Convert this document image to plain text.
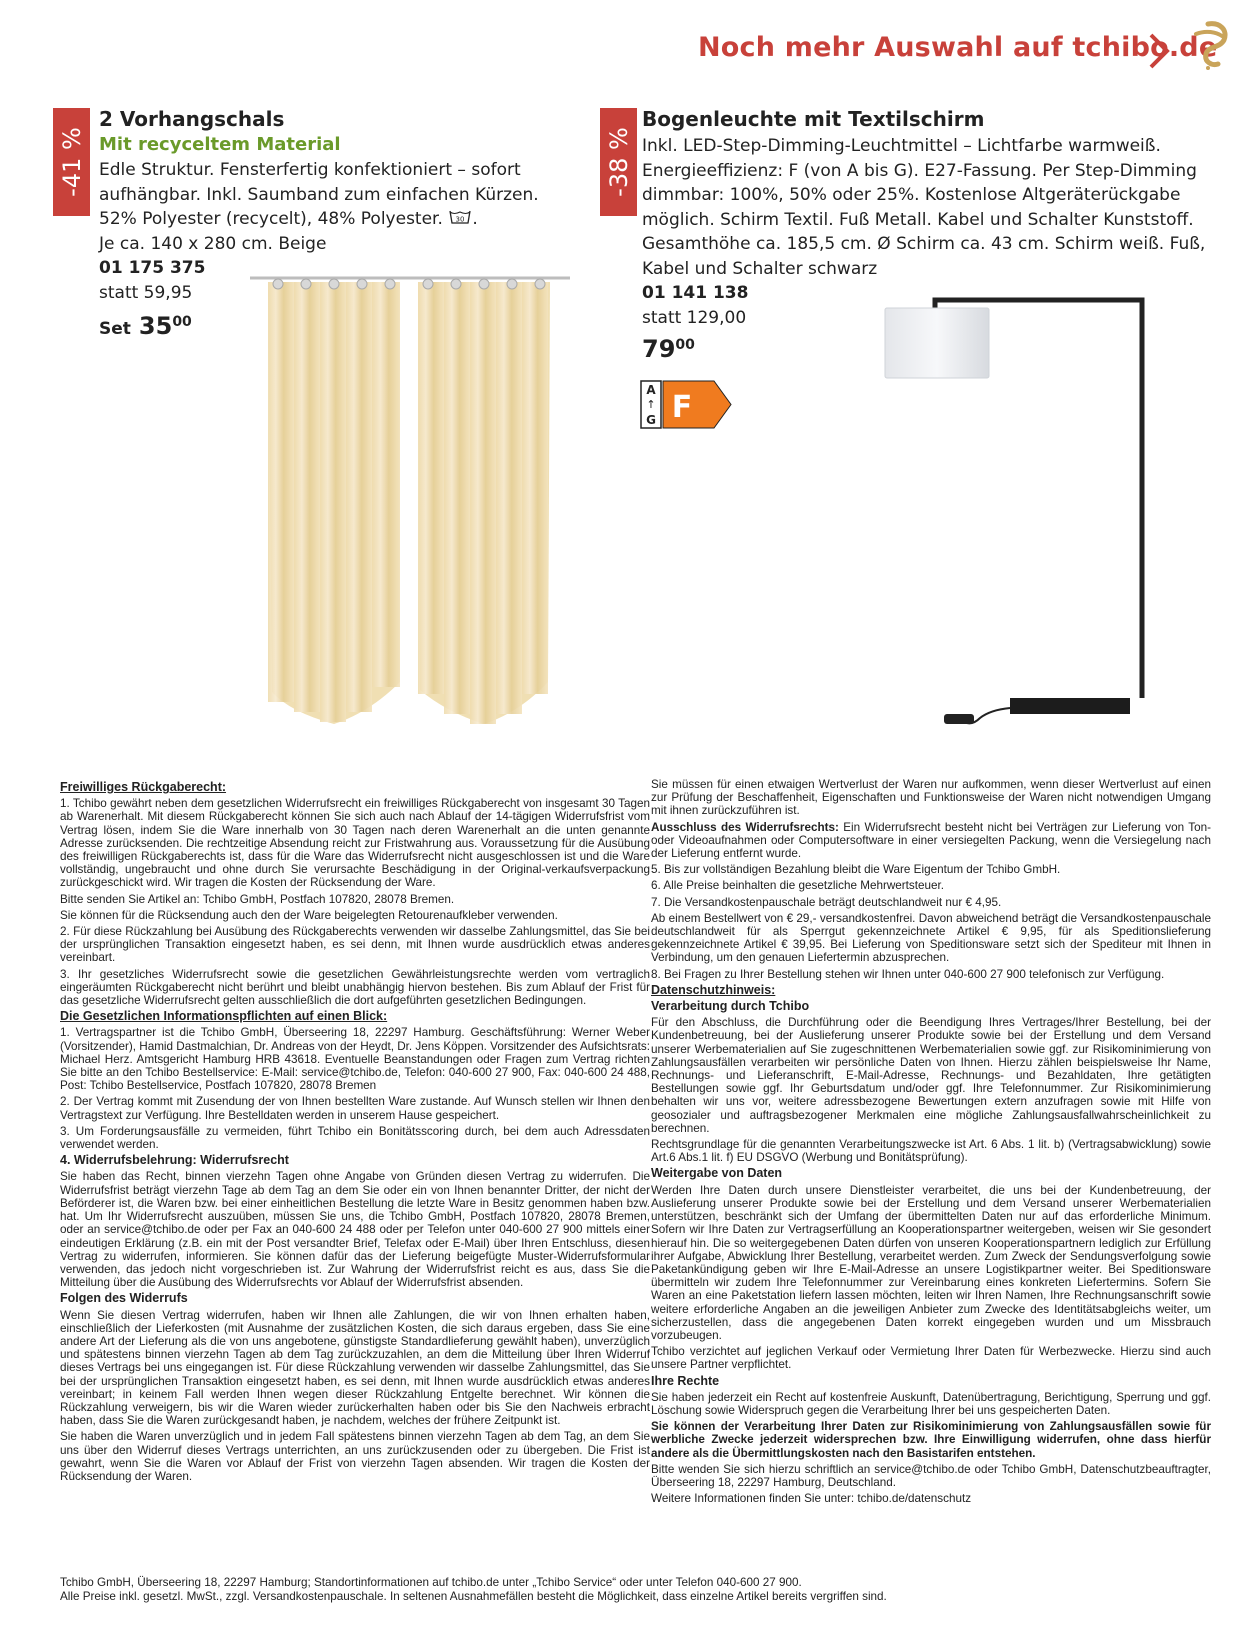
Noch mehr Auswahl auf tchibo.de
-41 %
2 Vorhangschals
Mit recyceltem Material
Edle Struktur. Fensterfertig konfektioniert – sofort
aufhängbar. Inkl. Saumband zum einfachen Kürzen.
52% Polyester (recycelt), 48% Polyester. 30 .
Je ca. 140 x 280 cm. Beige
01 175 375
statt 59,95
Set 3500
-38 %
Bogenleuchte mit Textilschirm
Inkl. LED-Step-Dimming-Leuchtmittel – Lichtfarbe warmweiß.
Energieeffizienz: F (von A bis G). E27-Fassung. Per Step-Dimming
dimmbar: 100%, 50% oder 25%. Kostenlose Altgeräterückgabe
möglich. Schirm Textil. Fuß Metall. Kabel und Schalter Kunststoff.
Gesamthöhe ca. 185,5 cm. Ø Schirm ca. 43 cm. Schirm weiß. Fuß,
Kabel und Schalter schwarz
01 141 138
statt 129,00
7900
A
↑
G F
Freiwilliges Rückgaberecht:

1. Tchibo gewährt neben dem gesetzlichen Widerrufsrecht ein freiwilliges Rückgaberecht von insgesamt 30 Tagen ab Warenerhalt. Mit diesem Rückgaberecht können Sie sich auch nach Ablauf der 14-tägigen Widerrufsfrist vom Vertrag lösen, indem Sie die Ware innerhalb von 30 Tagen nach deren Warenerhalt an die unten genannte Adresse zurücksenden. Die rechtzeitige Absendung reicht zur Fristwahrung aus. Voraussetzung für die Ausübung des freiwilligen Rückgaberechts ist, dass für die Ware das Widerrufsrecht nicht ausgeschlossen ist und die Ware vollständig, ungebraucht und ohne durch Sie verursachte Beschädigung in der Original-verkaufsverpackung zurückgeschickt wird. Wir tragen die Kosten der Rücksendung der Ware.

Bitte senden Sie Artikel an: Tchibo GmbH, Postfach 107820, 28078 Bremen.

Sie können für die Rücksendung auch den der Ware beigelegten Retourenaufkleber verwenden.

2. Für diese Rückzahlung bei Ausübung des Rückgaberechts verwenden wir dasselbe Zahlungsmittel, das Sie bei der ursprünglichen Transaktion eingesetzt haben, es sei denn, mit Ihnen wurde ausdrücklich etwas anderes vereinbart.

3. Ihr gesetzliches Widerrufsrecht sowie die gesetzlichen Gewährleistungsrechte werden vom vertraglich eingeräumten Rückgaberecht nicht berührt und bleibt unabhängig hiervon bestehen. Bis zum Ablauf der Frist für das gesetzliche Widerrufsrecht gelten ausschließlich die dort aufgeführten gesetzlichen Bedingungen.

Die Gesetzlichen Informationspflichten auf einen Blick:

1. Vertragspartner ist die Tchibo GmbH, Überseering 18, 22297 Hamburg. Geschäftsführung: Werner Weber (Vorsitzender), Hamid Dastmalchian, Dr. Andreas von der Heydt, Dr. Jens Köppen. Vorsitzender des Aufsichtsrats: Michael Herz. Amtsgericht Hamburg HRB 43618. Eventuelle Beanstandungen oder Fragen zum Vertrag richten Sie bitte an den Tchibo Bestellservice: E-Mail: service@tchibo.de, Telefon: 040-600 27 900, Fax: 040-600 24 488, Post: Tchibo Bestellservice, Postfach 107820, 28078 Bremen

2. Der Vertrag kommt mit Zusendung der von Ihnen bestellten Ware zustande. Auf Wunsch stellen wir Ihnen den Vertragstext zur Verfügung. Ihre Bestelldaten werden in unserem Hause gespeichert.

3. Um Forderungsausfälle zu vermeiden, führt Tchibo ein Bonitätsscoring durch, bei dem auch Adressdaten verwendet werden.

4. Widerrufsbelehrung: Widerrufsrecht

Sie haben das Recht, binnen vierzehn Tagen ohne Angabe von Gründen diesen Vertrag zu widerrufen. Die Widerrufsfrist beträgt vierzehn Tage ab dem Tag an dem Sie oder ein von Ihnen benannter Dritter, der nicht der Beförderer ist, die Waren bzw. bei einer einheitlichen Bestellung die letzte Ware in Besitz genommen haben bzw. hat. Um Ihr Widerrufsrecht auszuüben, müssen Sie uns, die Tchibo GmbH, Postfach 107820, 28078 Bremen, oder an service@tchibo.de oder per Fax an 040-600 24 488 oder per Telefon unter 040-600 27 900 mittels einer eindeutigen Erklärung (z.B. ein mit der Post versandter Brief, Telefax oder E-Mail) über Ihren Entschluss, diesen Vertrag zu widerrufen, informieren. Sie können dafür das der Lieferung beigefügte Muster-Widerrufsformular verwenden, das jedoch nicht vorgeschrieben ist. Zur Wahrung der Widerrufsfrist reicht es aus, dass Sie die Mitteilung über die Ausübung des Widerrufsrechts vor Ablauf der Widerrufsfrist absenden.

Folgen des Widerrufs

Wenn Sie diesen Vertrag widerrufen, haben wir Ihnen alle Zahlungen, die wir von Ihnen erhalten haben, einschließlich der Lieferkosten (mit Ausnahme der zusätzlichen Kosten, die sich daraus ergeben, dass Sie eine andere Art der Lieferung als die von uns angebotene, günstigste Standardlieferung gewählt haben), unverzüglich und spätestens binnen vierzehn Tagen ab dem Tag zurückzuzahlen, an dem die Mitteilung über Ihren Widerruf dieses Vertrags bei uns eingegangen ist. Für diese Rückzahlung verwenden wir dasselbe Zahlungsmittel, das Sie bei der ursprünglichen Transaktion eingesetzt haben, es sei denn, mit Ihnen wurde ausdrücklich etwas anderes vereinbart; in keinem Fall werden Ihnen wegen dieser Rückzahlung Entgelte berechnet. Wir können die Rückzahlung verweigern, bis wir die Waren wieder zurückerhalten haben oder bis Sie den Nachweis erbracht haben, dass Sie die Waren zurückgesandt haben, je nachdem, welches der frühere Zeitpunkt ist.

Sie haben die Waren unverzüglich und in jedem Fall spätestens binnen vierzehn Tagen ab dem Tag, an dem Sie uns über den Widerruf dieses Vertrags unterrichten, an uns zurückzusenden oder zu übergeben. Die Frist ist gewahrt, wenn Sie die Waren vor Ablauf der Frist von vierzehn Tagen absenden. Wir tragen die Kosten der Rücksendung der Waren.

Sie müssen für einen etwaigen Wertverlust der Waren nur aufkommen, wenn dieser Wertverlust auf einen zur Prüfung der Beschaffenheit, Eigenschaften und Funktionsweise der Waren nicht notwendigen Umgang mit ihnen zurückzuführen ist.

Ausschluss des Widerrufsrechts: Ein Widerrufsrecht besteht nicht bei Verträgen zur Lieferung von Ton- oder Videoaufnahmen oder Computersoftware in einer versiegelten Packung, wenn die Versiegelung nach der Lieferung entfernt wurde.

5. Bis zur vollständigen Bezahlung bleibt die Ware Eigentum der Tchibo GmbH.

6. Alle Preise beinhalten die gesetzliche Mehrwertsteuer.

7. Die Versandkostenpauschale beträgt deutschlandweit nur € 4,95.

Ab einem Bestellwert von € 29,- versandkostenfrei. Davon abweichend beträgt die Versandkostenpauschale deutschlandweit für als Sperrgut gekennzeichnete Artikel € 9,95, für als Speditionslieferung gekennzeichnete Artikel € 39,95. Bei Lieferung von Speditionsware setzt sich der Spediteur mit Ihnen in Verbindung, um den genauen Liefertermin abzusprechen.

8. Bei Fragen zu Ihrer Bestellung stehen wir Ihnen unter 040-600 27 900 telefonisch zur Verfügung.

Datenschutzhinweis:
Verarbeitung durch Tchibo

Für den Abschluss, die Durchführung oder die Beendigung Ihres Vertrages/Ihrer Bestellung, bei der Kundenbetreuung, bei der Auslieferung unserer Produkte sowie bei der Erstellung und dem Versand unserer Werbematerialien auf Sie zugeschnittenen Werbematerialien sowie ggf. zur Risikominimierung von Zahlungsausfällen verarbeiten wir persönliche Daten von Ihnen. Hierzu zählen beispielsweise Ihr Name, Rechnungs- und Lieferanschrift, E-Mail-Adresse, Rechnungs- und Bezahldaten, Ihre getätigten Bestellungen sowie ggf. Ihr Geburtsdatum und/oder ggf. Ihre Telefonnummer. Zur Risikominimierung behalten wir uns vor, weitere adressbezogene Bewertungen extern anzufragen sowie mit Hilfe von geosozialer und auftragsbezogener Merkmalen eine mögliche Zahlungsausfallwahrscheinlichkeit zu berechnen.

Rechtsgrundlage für die genannten Verarbeitungszwecke ist Art. 6 Abs. 1 lit. b) (Vertragsabwicklung) sowie Art.6 Abs.1 lit. f) EU DSGVO (Werbung und Bonitätsprüfung).

Weitergabe von Daten

Werden Ihre Daten durch unsere Dienstleister verarbeitet, die uns bei der Kundenbetreuung, der Auslieferung unserer Produkte sowie bei der Erstellung und dem Versand unserer Werbematerialien unterstützen, beschränkt sich der Umfang der übermittelten Daten nur auf das erforderliche Minimum. Sofern wir Ihre Daten zur Vertragserfüllung an Kooperationspartner weitergeben, weisen wir Sie gesondert hierauf hin. Die so weitergegebenen Daten dürfen von unseren Kooperationspartnern lediglich zur Erfüllung ihrer Aufgabe, Abwicklung Ihrer Bestellung, verarbeitet werden. Zum Zweck der Sendungsverfolgung sowie Paketankündigung geben wir Ihre E-Mail-Adresse an unsere Logistikpartner weiter. Bei Speditionsware übermitteln wir zudem Ihre Telefonnummer zur Vereinbarung eines konkreten Liefertermins. Sofern Sie Waren an eine Paketstation liefern lassen möchten, leiten wir Ihren Namen, Ihre Rechnungsanschrift sowie weitere erforderliche Angaben an die jeweiligen Anbieter zum Zwecke des Identitätsabgleichs weiter, um sicherzustellen, dass die angegebenen Daten korrekt eingegeben wurden und um Missbrauch vorzubeugen.

Tchibo verzichtet auf jeglichen Verkauf oder Vermietung Ihrer Daten für Werbezwecke. Hierzu sind auch unsere Partner verpflichtet.

Ihre Rechte

Sie haben jederzeit ein Recht auf kostenfreie Auskunft, Datenübertragung, Berichtigung, Sperrung und ggf. Löschung sowie Widerspruch gegen die Verarbeitung Ihrer bei uns gespeicherten Daten.

Sie können der Verarbeitung Ihrer Daten zur Risikominimierung von Zahlungsausfällen sowie für werbliche Zwecke jederzeit widersprechen bzw. Ihre Einwilligung widerrufen, ohne dass hierfür andere als die Übermittlungskosten nach den Basistarifen entstehen.

Bitte wenden Sie sich hierzu schriftlich an service@tchibo.de oder Tchibo GmbH, Datenschutzbeauftragter, Überseering 18, 22297 Hamburg, Deutschland.

Weitere Informationen finden Sie unter: tchibo.de/datenschutz

Tchibo GmbH, Überseering 18, 22297 Hamburg; Standortinformationen auf tchibo.de unter „Tchibo Service“ oder unter Telefon 040-600 27 900.
Alle Preise inkl. gesetzl. MwSt., zzgl. Versandkostenpauschale. In seltenen Ausnahmefällen besteht die Möglichkeit, dass einzelne Artikel bereits vergriffen sind.
